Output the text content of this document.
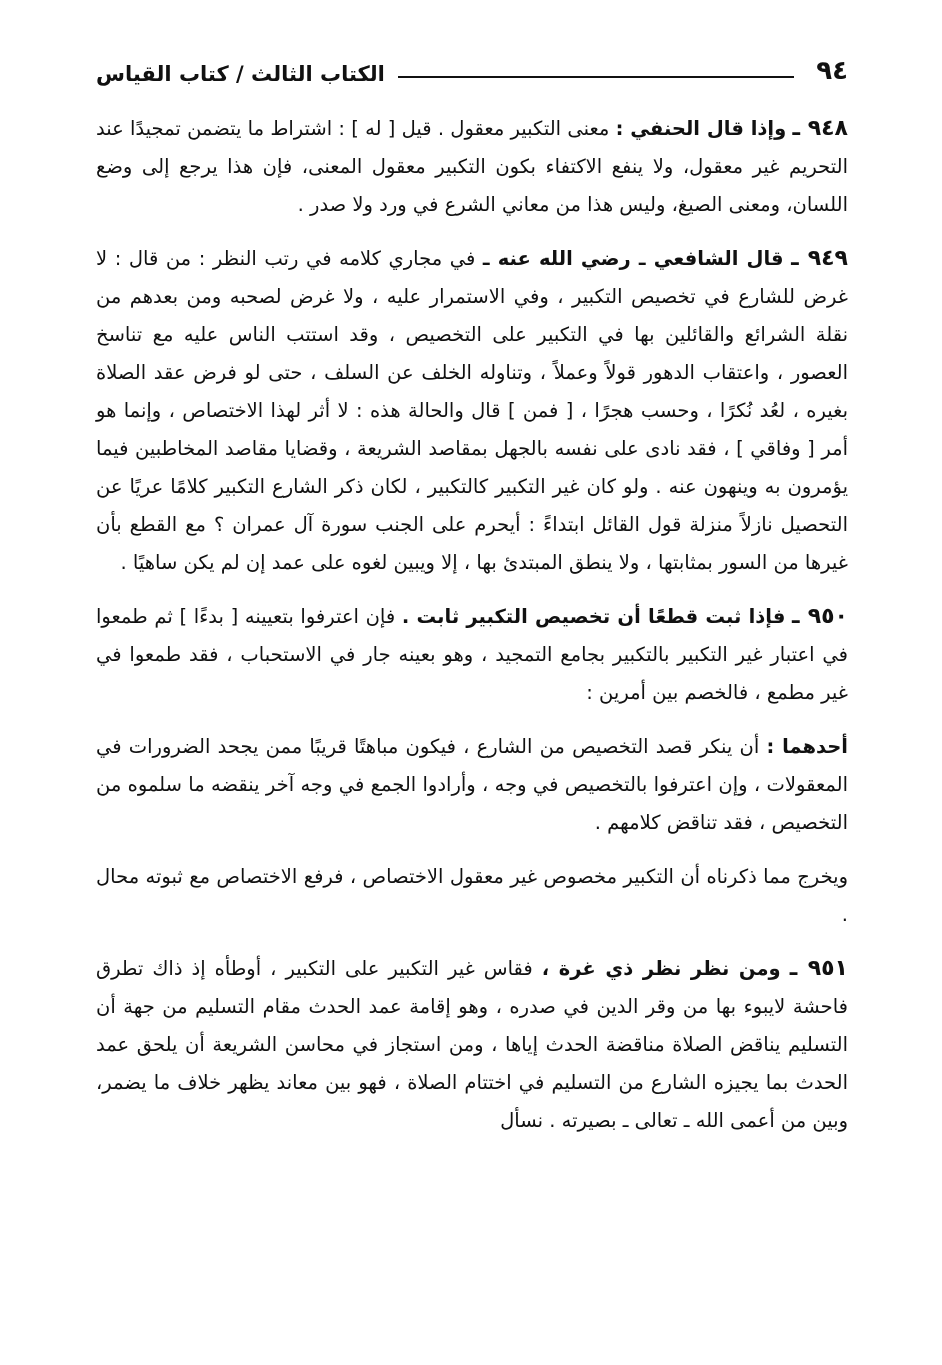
٩٤
الكتاب الثالث / كتاب القياس

٩٤٨ ـ وإذا قال الحنفي : معنى التكبير معقول . قيل [ له ] : اشتراط ما يتضمن تمجيدًا عند التحريم غير معقول، ولا ينفع الاكتفاء بكون التكبير معقول المعنى، فإن هذا يرجع إلى وضع اللسان، ومعنى الصيغ، وليس هذا من معاني الشرع في ورد ولا صدر .

٩٤٩ ـ قال الشافعي ـ رضي الله عنه ـ في مجاري كلامه في رتب النظر : من قال : لا غرض للشارع في تخصيص التكبير ، وفي الاستمرار عليه ، ولا غرض لصحبه ومن بعدهم من نقلة الشرائع والقائلين بها في التكبير على التخصيص ، وقد استتب الناس عليه مع تناسخ العصور ، واعتقاب الدهور قولاً وعملاً ، وتناوله الخلف عن السلف ، حتى لو فرض عقد الصلاة بغيره ، لعُد نُكرًا ، وحسب هجرًا ، [ فمن ] قال والحالة هذه : لا أثر لهذا الاختصاص ، وإنما هو أمر [ وفاقي ] ، فقد نادى على نفسه بالجهل بمقاصد الشريعة ، وقضايا مقاصد المخاطبين فيما يؤمرون به وينهون عنه . ولو كان غير التكبير كالتكبير ، لكان ذكر الشارع التكبير كلامًا عريًا عن التحصيل نازلاً منزلة قول القائل ابتداءً : أيحرم على الجنب سورة آل عمران ؟ مع القطع بأن غيرها من السور بمثابتها ، ولا ينطق المبتدئ بها ، إلا ويبين لغوه على عمد إن لم يكن ساهيًا .

٩٥٠ ـ فإذا ثبت قطعًا أن تخصيص التكبير ثابت . فإن اعترفوا بتعيينه [ بدءًا ] ثم طمعوا في اعتبار غير التكبير بالتكبير بجامع التمجيد ، وهو بعينه جار في الاستحباب ، فقد طمعوا في غير مطمع ، فالخصم بين أمرين :

أحدهما : أن ينكر قصد التخصيص من الشارع ، فيكون مباهتًا قريبًا ممن يجحد الضرورات في المعقولات ، وإن اعترفوا بالتخصيص في وجه ، وأرادوا الجمع في وجه آخر ينقضه ما سلموه من التخصيص ، فقد تناقض كلامهم .

ويخرج مما ذكرناه أن التكبير مخصوص غير معقول الاختصاص ، فرفع الاختصاص مع ثبوته محال .

٩٥١ ـ ومن نظر نظر ذي غرة ، فقاس غير التكبير على التكبير ، أوطأه إذ ذاك تطرق فاحشة لايبوء بها من وقر الدين في صدره ، وهو إقامة عمد الحدث مقام التسليم من جهة أن التسليم يناقض الصلاة مناقضة الحدث إياها ، ومن استجاز في محاسن الشريعة أن يلحق عمد الحدث بما يجيزه الشارع من التسليم في اختتام الصلاة ، فهو بين معاند يظهر خلاف ما يضمر، وبين من أعمى الله ـ تعالى ـ بصيرته . نسأل
